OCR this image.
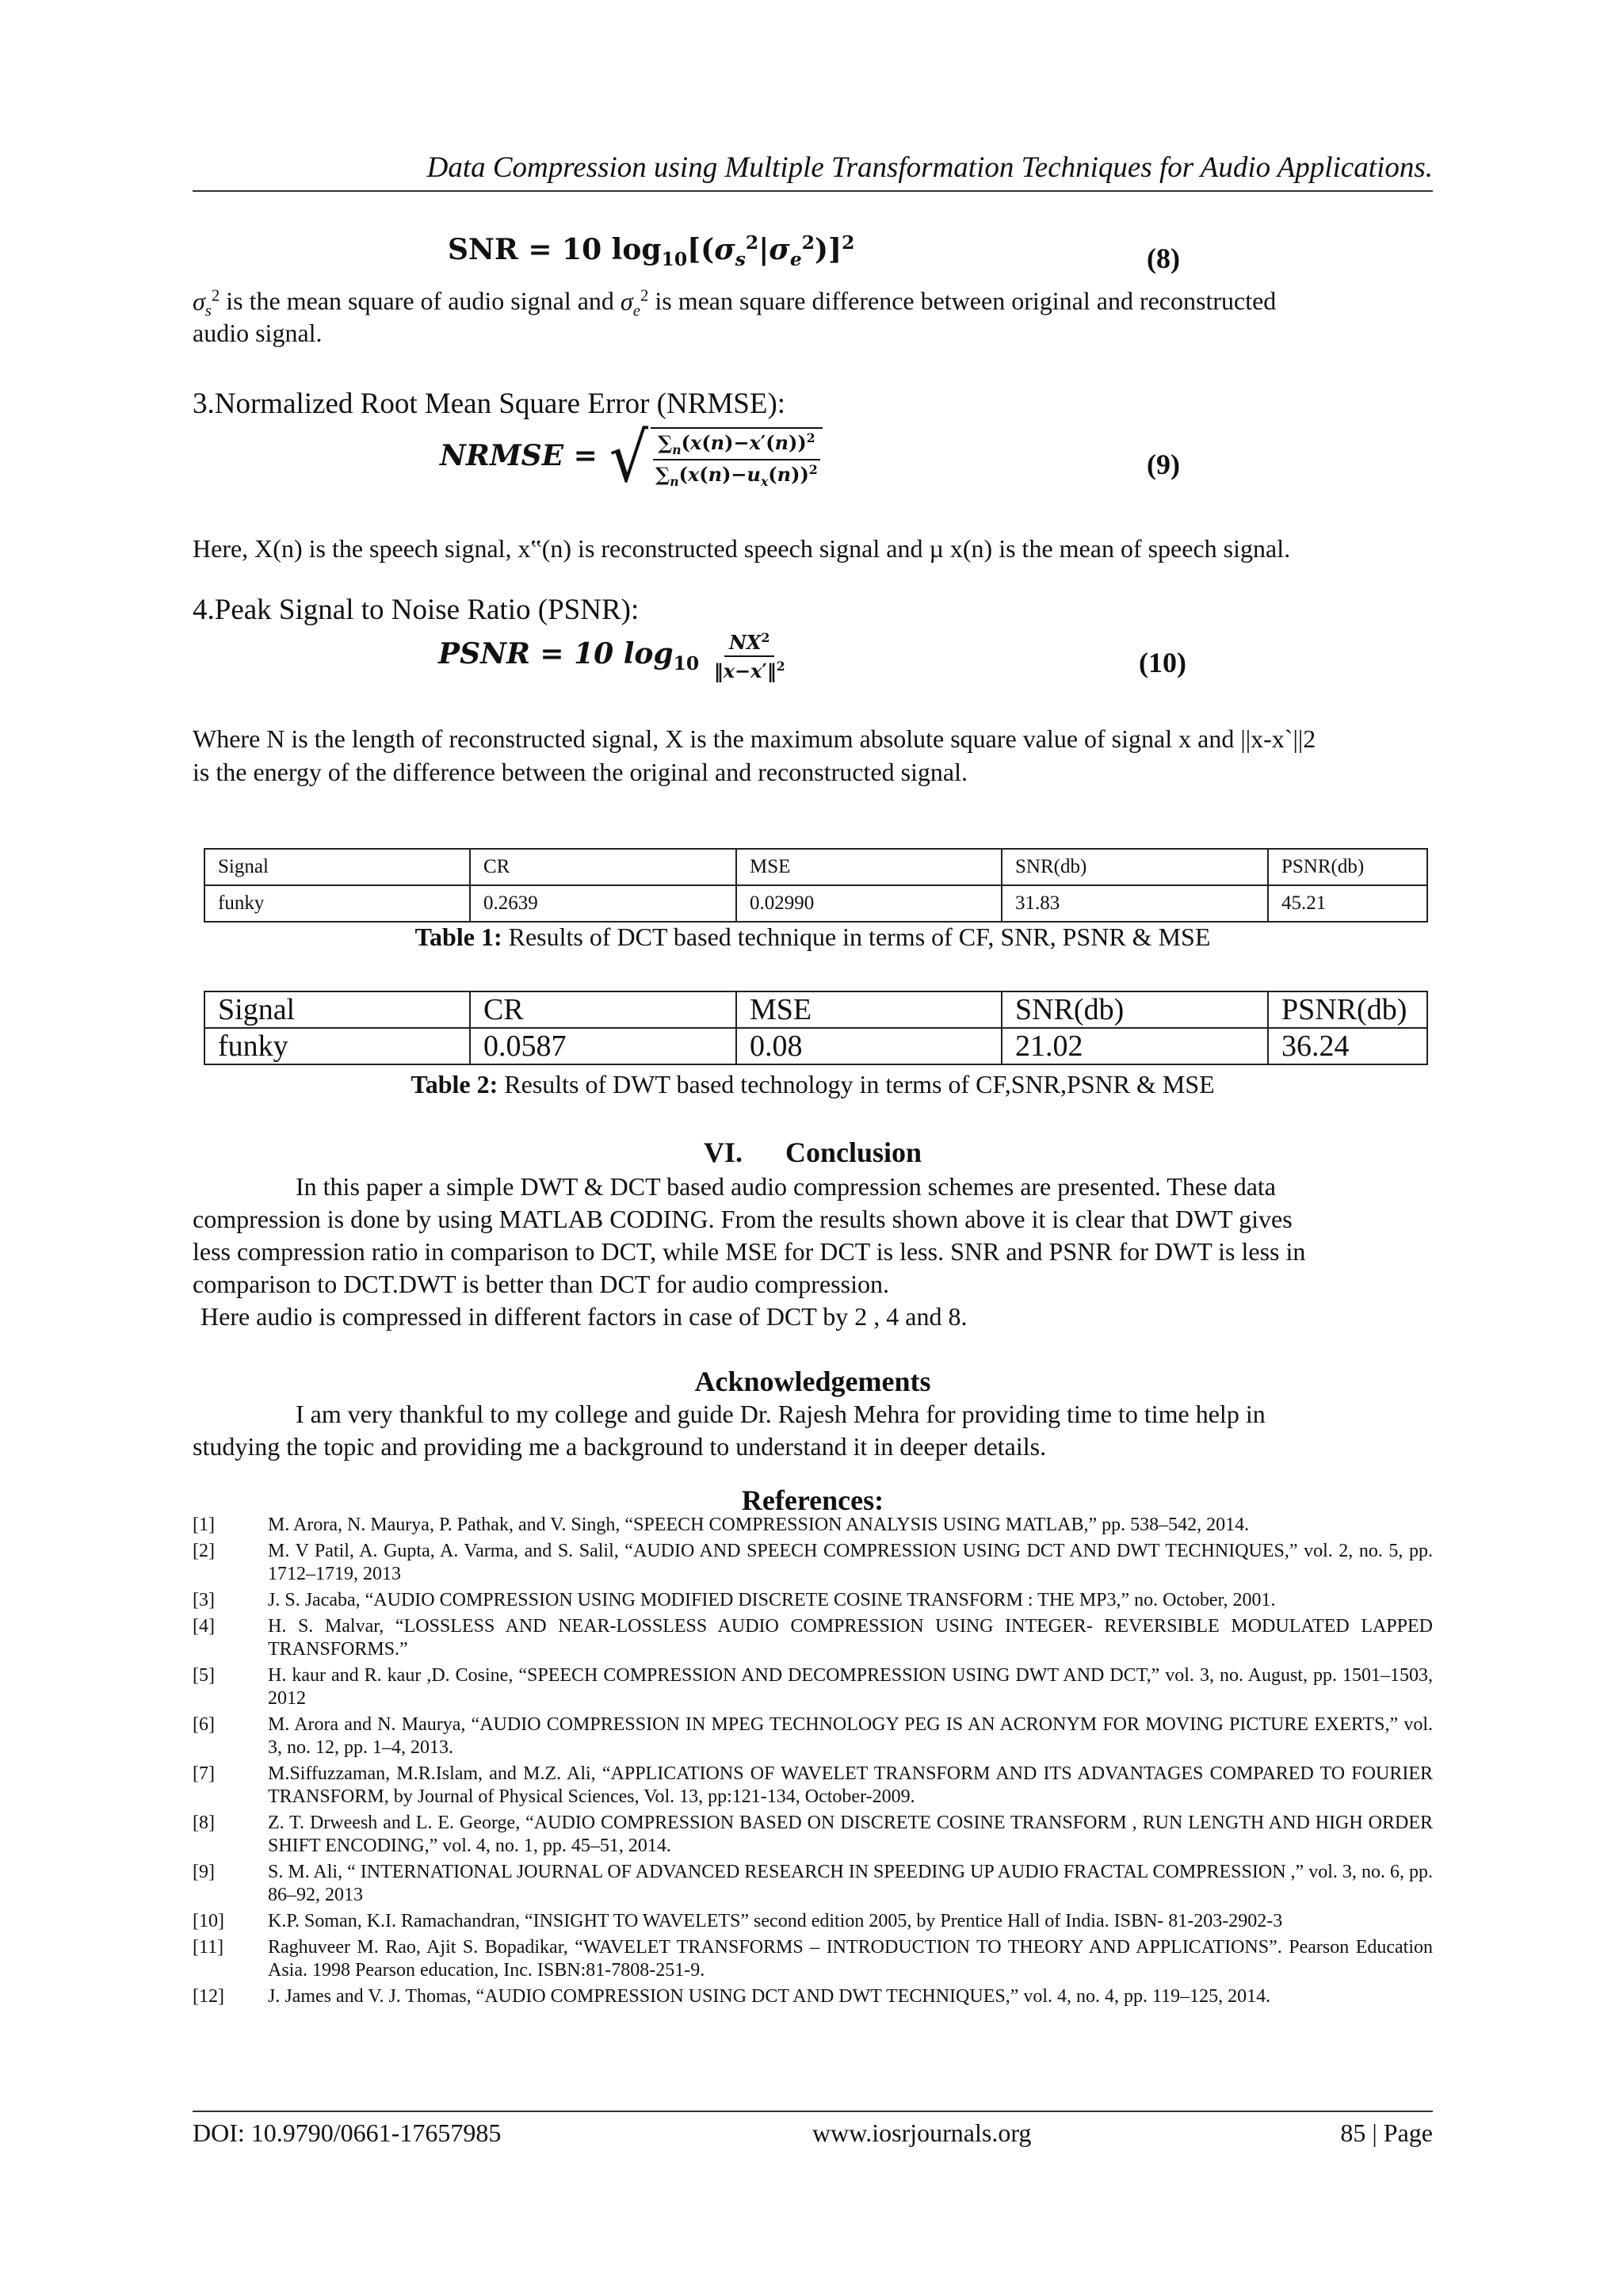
Data Compression using Multiple Transformation Techniques for Audio Applications.
SNR = 10 $\log_{10}[(\sigma_s^2|\sigma_e^2)]^2$	(8)
$\sigma_s^2$ is the mean square of audio signal and $\sigma_e^2$ is mean square difference between original and reconstructed
audio signal.
3.Normalized Root Mean Square Error (NRMSE):
NRMSE = √ $\frac{\sum_n(x(n)-x'(n))^2}{\sum_n(x(n)-u_x(n))^2}$	(9)
Here, X(n) is the speech signal, x‟(n) is reconstructed speech signal and µ x(n) is the mean of speech signal.
4.Peak Signal to Noise Ratio (PSNR):
PSNR = 10 $\log_{10} \frac{NX^2}{‖x-x'‖^2}$	(10)
Where N is the length of reconstructed signal, X is the maximum absolute square value of signal x and ||x-x`||2
is the energy of the difference between the original and reconstructed signal.
Signal	CR	MSE	SNR(db)	PSNR(db)
funky	0.2639	0.02990	31.83	45.21
Table 1: Results of DCT based technique in terms of CF, SNR, PSNR & MSE
Signal	CR	MSE	SNR(db)	PSNR(db)
funky	0.0587	0.08	21.02	36.24
Table 2: Results of DWT based technology in terms of CF,SNR,PSNR & MSE
VI.      Conclusion
In this paper a simple DWT & DCT based audio compression schemes are presented. These data
compression is done by using MATLAB CODING. From the results shown above it is clear that DWT gives
less compression ratio in comparison to DCT, while MSE for DCT is less. SNR and PSNR for DWT is less in
comparison to DCT.DWT is better than DCT for audio compression.
Here audio is compressed in different factors in case of DCT by 2 , 4 and 8.
Acknowledgements
I am very thankful to my college and guide Dr. Rajesh Mehra for providing time to time help in
studying the topic and providing me a background to understand it in deeper details.
References:
[1]	M. Arora, N. Maurya, P. Pathak, and V. Singh, “SPEECH COMPRESSION ANALYSIS USING MATLAB,” pp. 538–542, 2014.
[2]	M. V Patil, A. Gupta, A. Varma, and S. Salil, “AUDIO AND SPEECH COMPRESSION USING DCT AND DWT TECHNIQUES,” vol. 2, no. 5, pp. 1712–1719, 2013
[3]	J. S. Jacaba, “AUDIO COMPRESSION USING MODIFIED DISCRETE COSINE TRANSFORM : THE MP3,” no. October, 2001.
[4]	H. S. Malvar, “LOSSLESS AND NEAR-LOSSLESS AUDIO COMPRESSION USING INTEGER- REVERSIBLE MODULATED LAPPED TRANSFORMS.”
[5]	H. kaur and R. kaur ,D. Cosine, “SPEECH COMPRESSION AND DECOMPRESSION USING DWT AND DCT,” vol. 3, no. August, pp. 1501–1503, 2012
[6]	M. Arora and N. Maurya, “AUDIO COMPRESSION IN MPEG TECHNOLOGY PEG IS AN ACRONYM FOR MOVING PICTURE EXERTS,” vol. 3, no. 12, pp. 1–4, 2013.
[7]	M.Siffuzzaman, M.R.Islam, and M.Z. Ali, “APPLICATIONS OF WAVELET TRANSFORM AND ITS ADVANTAGES COMPARED TO FOURIER TRANSFORM, by Journal of Physical Sciences, Vol. 13, pp:121-134, October-2009.
[8]	Z. T. Drweesh and L. E. George, “AUDIO COMPRESSION BASED ON DISCRETE COSINE TRANSFORM , RUN LENGTH AND HIGH ORDER SHIFT ENCODING,” vol. 4, no. 1, pp. 45–51, 2014.
[9]	S. M. Ali, “ INTERNATIONAL JOURNAL OF ADVANCED RESEARCH IN SPEEDING UP AUDIO FRACTAL COMPRESSION ,” vol. 3, no. 6, pp. 86–92, 2013
[10]	K.P. Soman, K.I. Ramachandran, “INSIGHT TO WAVELETS” second edition 2005, by Prentice Hall of India. ISBN- 81-203-2902-3
[11]	Raghuveer M. Rao, Ajit S. Bopadikar, “WAVELET TRANSFORMS – INTRODUCTION TO THEORY AND APPLICATIONS”. Pearson Education Asia. 1998 Pearson education, Inc. ISBN:81-7808-251-9.
[12]	J. James and V. J. Thomas, “AUDIO COMPRESSION USING DCT AND DWT TECHNIQUES,” vol. 4, no. 4, pp. 119–125, 2014.
DOI: 10.9790/0661-17657985	www.iosrjournals.org	85 | Page
